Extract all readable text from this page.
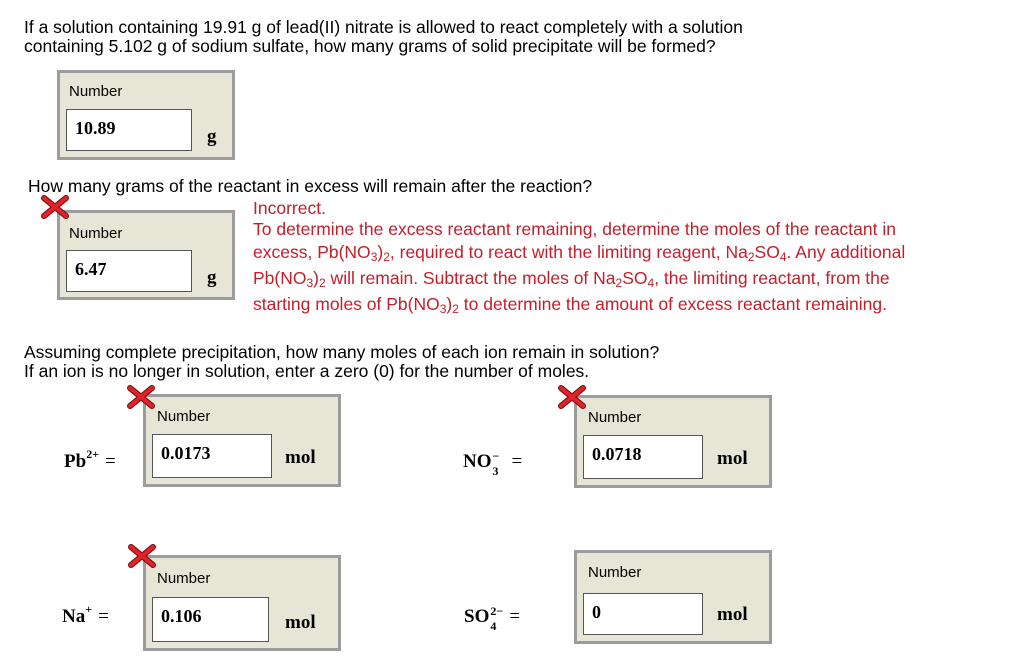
If a solution containing 19.91 g of lead(II) nitrate is allowed to react completely with a solution
containing 5.102 g of sodium sulfate, how many grams of solid precipitate will be formed?
Number
10.89	g
How many grams of the reactant in excess will remain after the reaction?
Number
6.47	g
Incorrect.
To determine the excess reactant remaining, determine the moles of the reactant in
excess, $Pb(NO_3)_2$, required to react with the limiting reagent, $Na_2SO_4$. Any additional
$Pb(NO_3)_2$ will remain. Subtract the moles of $Na_2SO_4$, the limiting reactant, from the
starting moles of $Pb(NO_3)_2$ to determine the amount of excess reactant remaining.
Assuming complete precipitation, how many moles of each ion remain in solution?
If an ion is no longer in solution, enter a zero (0) for the number of moles.
$Pb^{2+}$ =
Number
0.0173	mol	NO −
3 =
Number
0.0718	mol
Na+ =
Number
0.106	mol	SO 2−
4 =
Number
0	mol
